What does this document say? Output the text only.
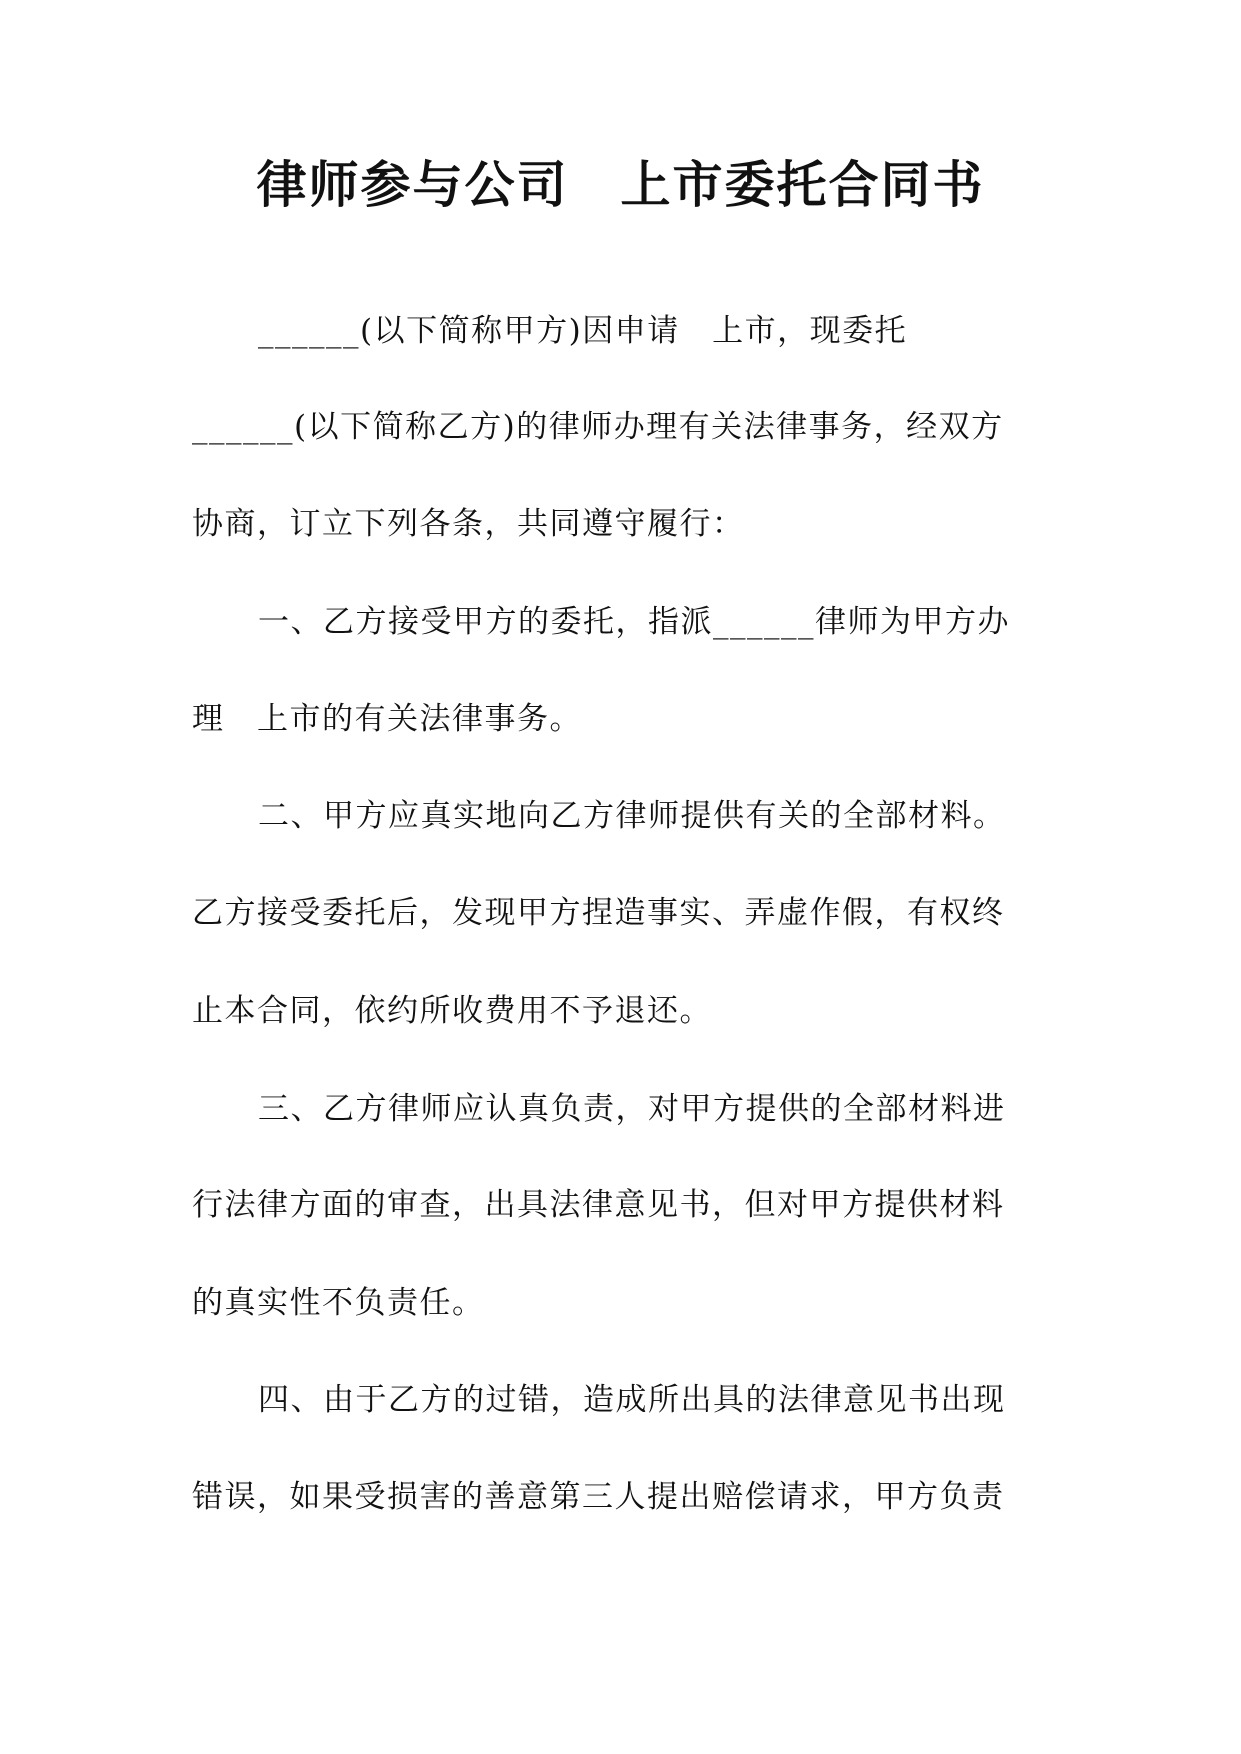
律师参与公司　上市委托合同书
______(以下简称甲方)因申请　上市，现委托
______(以下简称乙方)的律师办理有关法律事务，经双方
协商，订立下列各条，共同遵守履行：
一、乙方接受甲方的委托，指派______律师为甲方办
理　上市的有关法律事务。
二、甲方应真实地向乙方律师提供有关的全部材料。
乙方接受委托后，发现甲方捏造事实、弄虚作假，有权终
止本合同，依约所收费用不予退还。
三、乙方律师应认真负责，对甲方提供的全部材料进
行法律方面的审查，出具法律意见书，但对甲方提供材料
的真实性不负责任。
四、由于乙方的过错，造成所出具的法律意见书出现
错误，如果受损害的善意第三人提出赔偿请求，甲方负责
